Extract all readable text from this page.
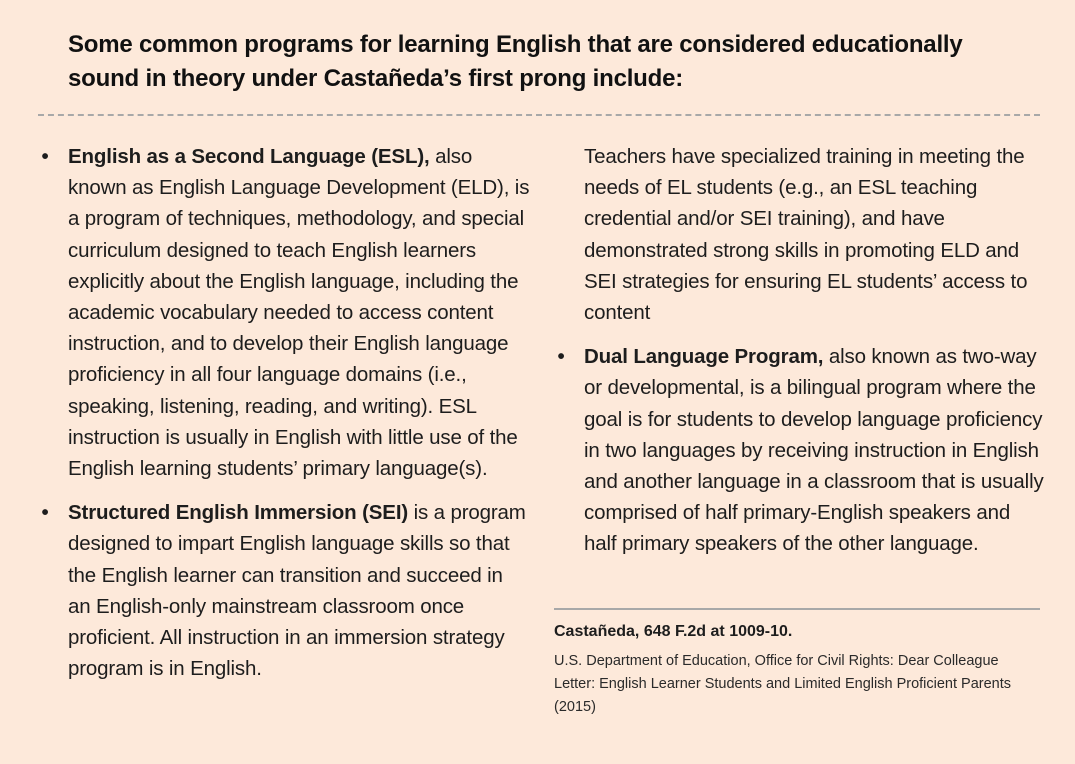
Some common programs for learning English that are considered educationally sound in theory under Castañeda’s first prong include:
• English as a Second Language (ESL), also known as English Language Development (ELD), is a program of techniques, methodology, and special curriculum designed to teach English learners explicitly about the English language, including the academic vocabulary needed to access content instruction, and to develop their English language proficiency in all four language domains (i.e., speaking, listening, reading, and writing). ESL instruction is usually in English with little use of the English learning students’ primary language(s).
• Structured English Immersion (SEI) is a program designed to impart English language skills so that the English learner can transition and succeed in an English-only mainstream classroom once proficient. All instruction in an immersion strategy program is in English.
Teachers have specialized training in meeting the needs of EL students (e.g., an ESL teaching credential and/or SEI training), and have demonstrated strong skills in promoting ELD and SEI strategies for ensuring EL students’ access to content
• Dual Language Program, also known as two-way or developmental, is a bilingual program where the goal is for students to develop language proficiency in two languages by receiving instruction in English and another language in a classroom that is usually comprised of half primary-English speakers and half primary speakers of the other language.
Castañeda, 648 F.2d at 1009-10.
U.S. Department of Education, Office for Civil Rights: Dear Colleague Letter: English Learner Students and Limited English Proficient Parents (2015)
